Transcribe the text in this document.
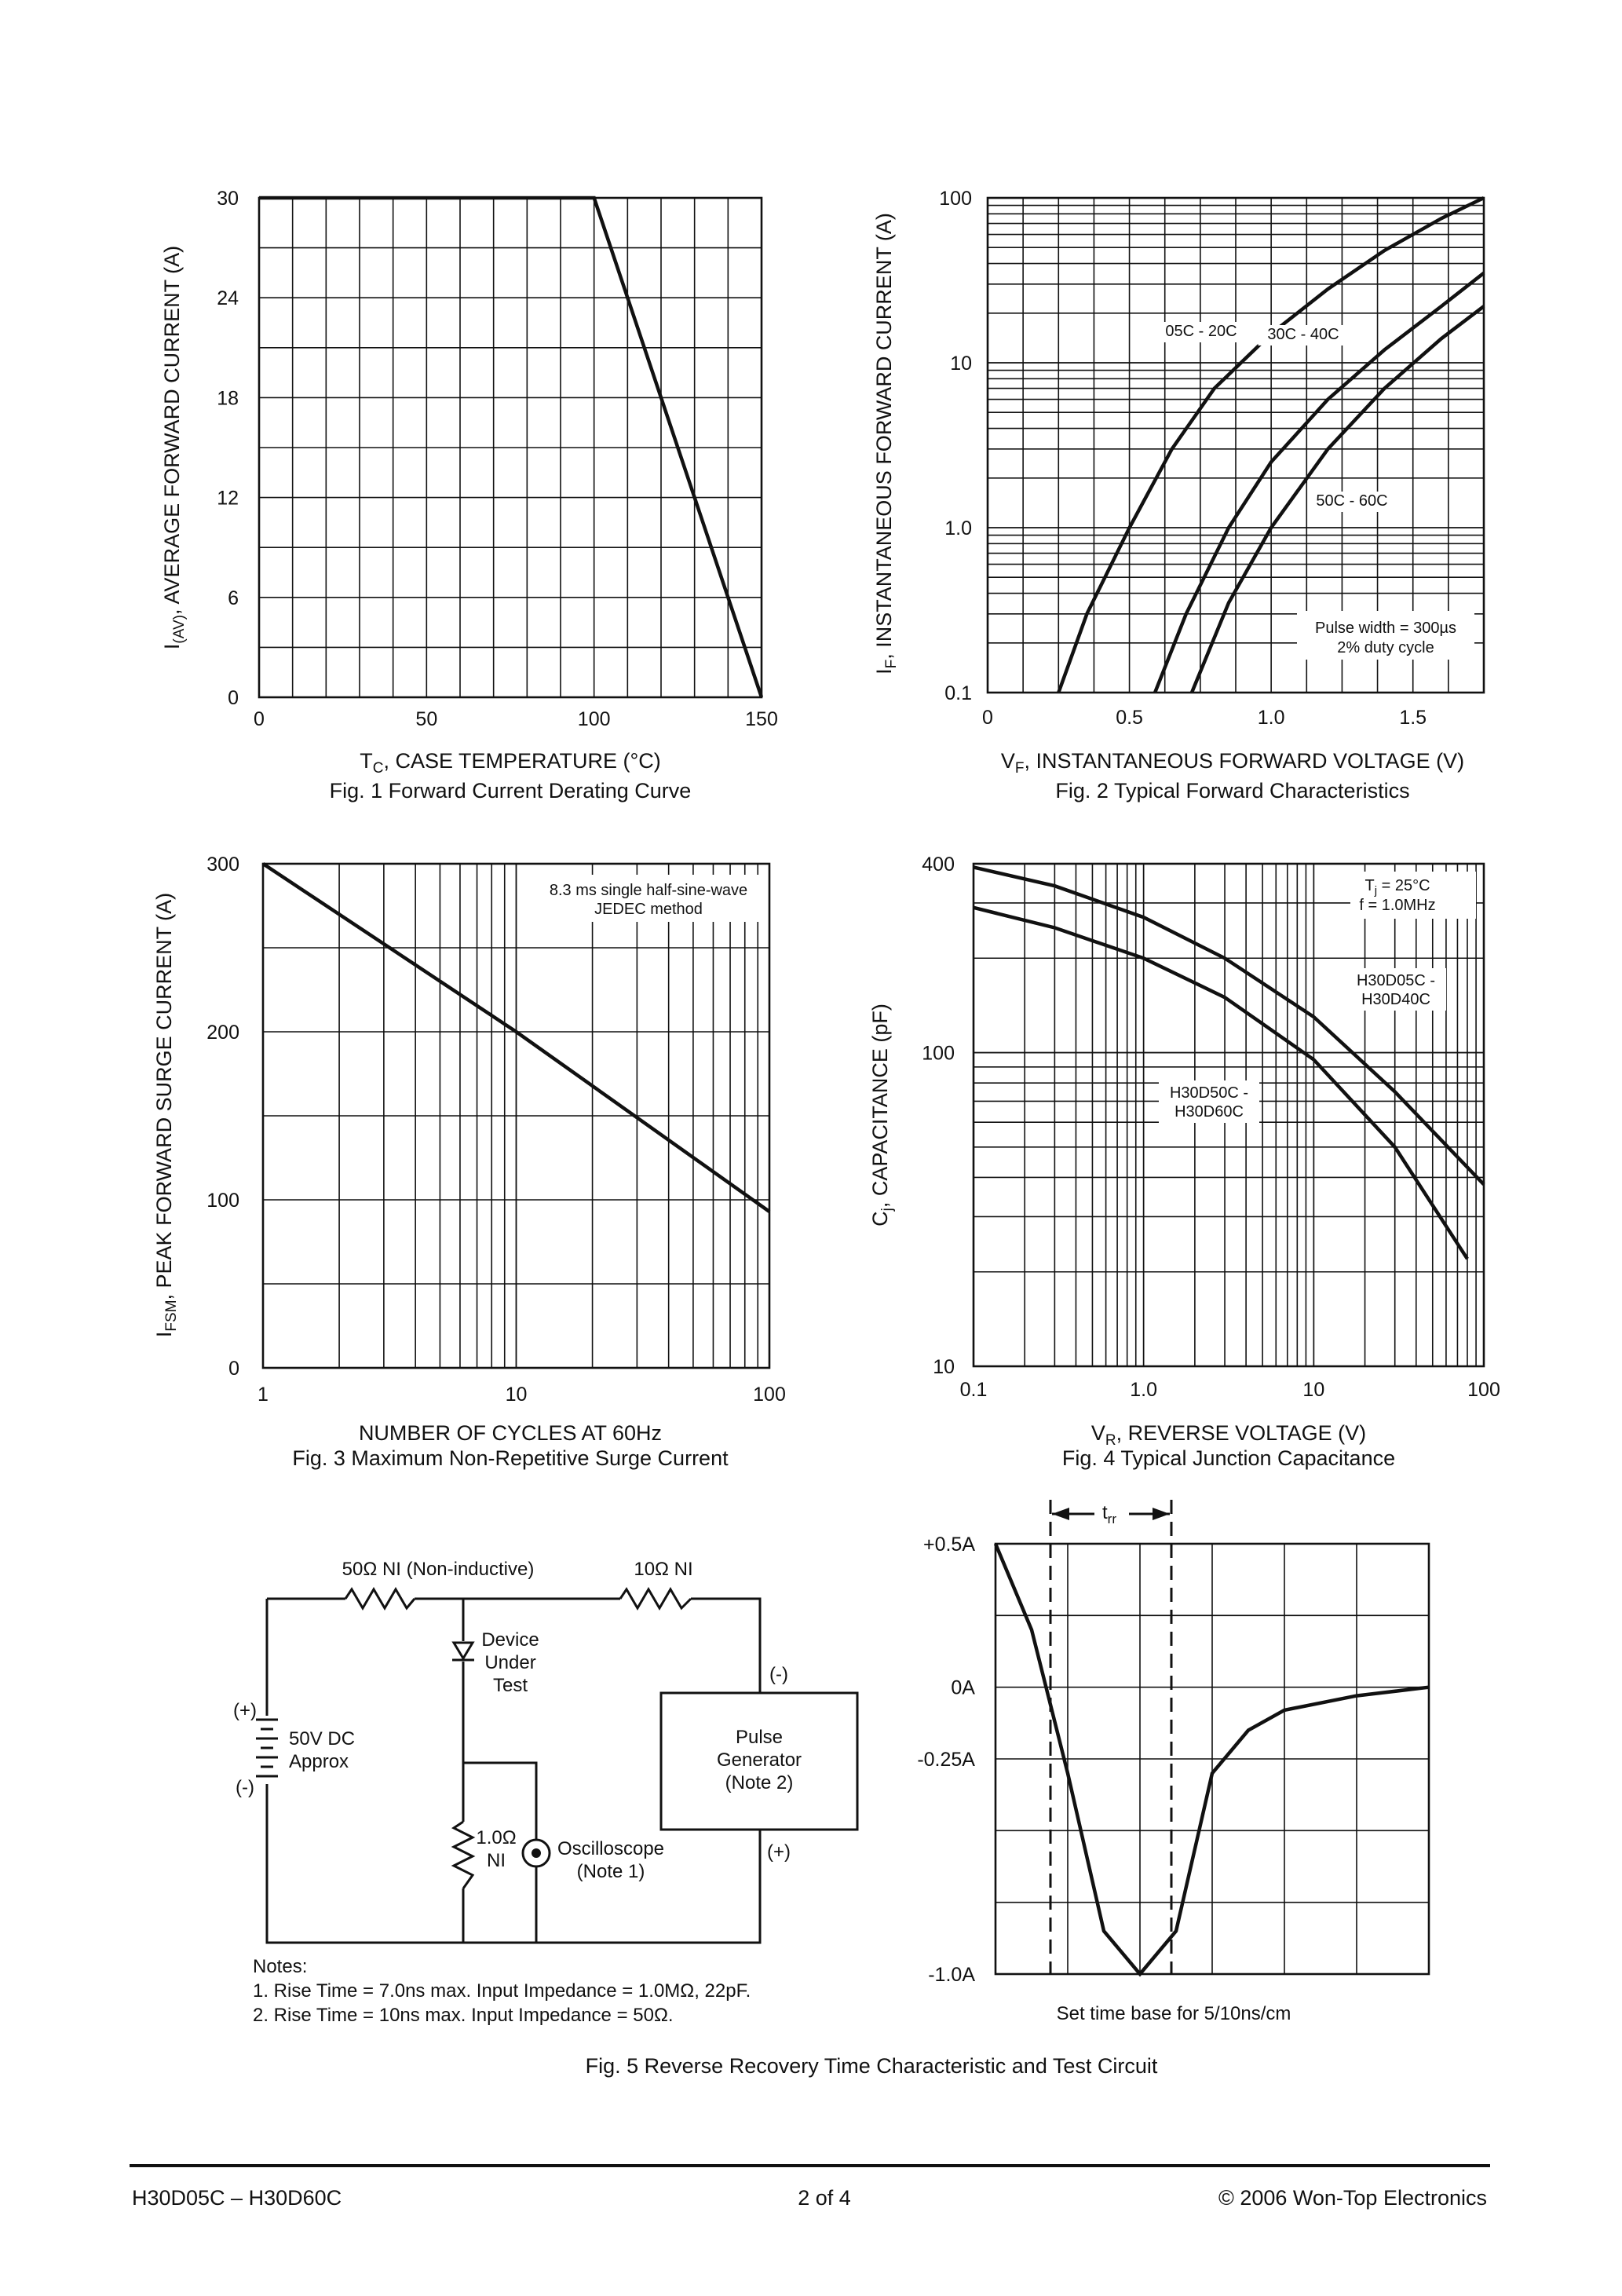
0	50	100	150
0
6
12
18
24
30
$I_{(AV)}$, AVERAGE FORWARD CURRENT (A)
$T_C$, CASE TEMPERATURE (°C)
Fig. 1 Forward Current Derating Curve
0	0.5	1.0	1.5
0.1
1.0
10
100
05C - 20C 30C - 40C
50C - 60C
Pulse width = 300µs
2% duty cycle
$I_F$, INSTANTANEOUS FORWARD CURRENT (A)
$V_F$, INSTANTANEOUS FORWARD VOLTAGE (V)
Fig. 2 Typical Forward Characteristics
1	10	100
0
100
200
300
8.3 ms single half-sine-wave
JEDEC method
$I_{FSM}$, PEAK FORWARD SURGE CURRENT (A)
NUMBER OF CYCLES AT 60Hz
Fig. 3 Maximum Non-Repetitive Surge Current
0.1	1.0	10	100
10
100
400
$T_j = 25^\circ C$
f = 1.0MHz
H30D05C -
H30D40C
H30D50C -
H30D60C
$C_j$, CAPACITANCE (pF)
$V_R$, REVERSE VOLTAGE (V)
Fig. 4 Typical Junction Capacitance
50Ω NI (Non-inductive)	10Ω NI
Device
Under
Test
(+)
(-)
50V DC
Approx
(-)
(+)
Pulse
Generator
(Note 2)
1.0Ω
NI
Oscilloscope
(Note 1)
Notes:
1. Rise Time = 7.0ns max. Input Impedance = 1.0MΩ, 22pF.
2. Rise Time = 10ns max. Input Impedance = 50Ω.
+0.5A
0A
-0.25A
-1.0A
$t_{rr}$
Set time base for 5/10ns/cm
Fig. 5 Reverse Recovery Time Characteristic and Test Circuit
H30D05C – H30D60C	2 of 4	© 2006 Won-Top Electronics
